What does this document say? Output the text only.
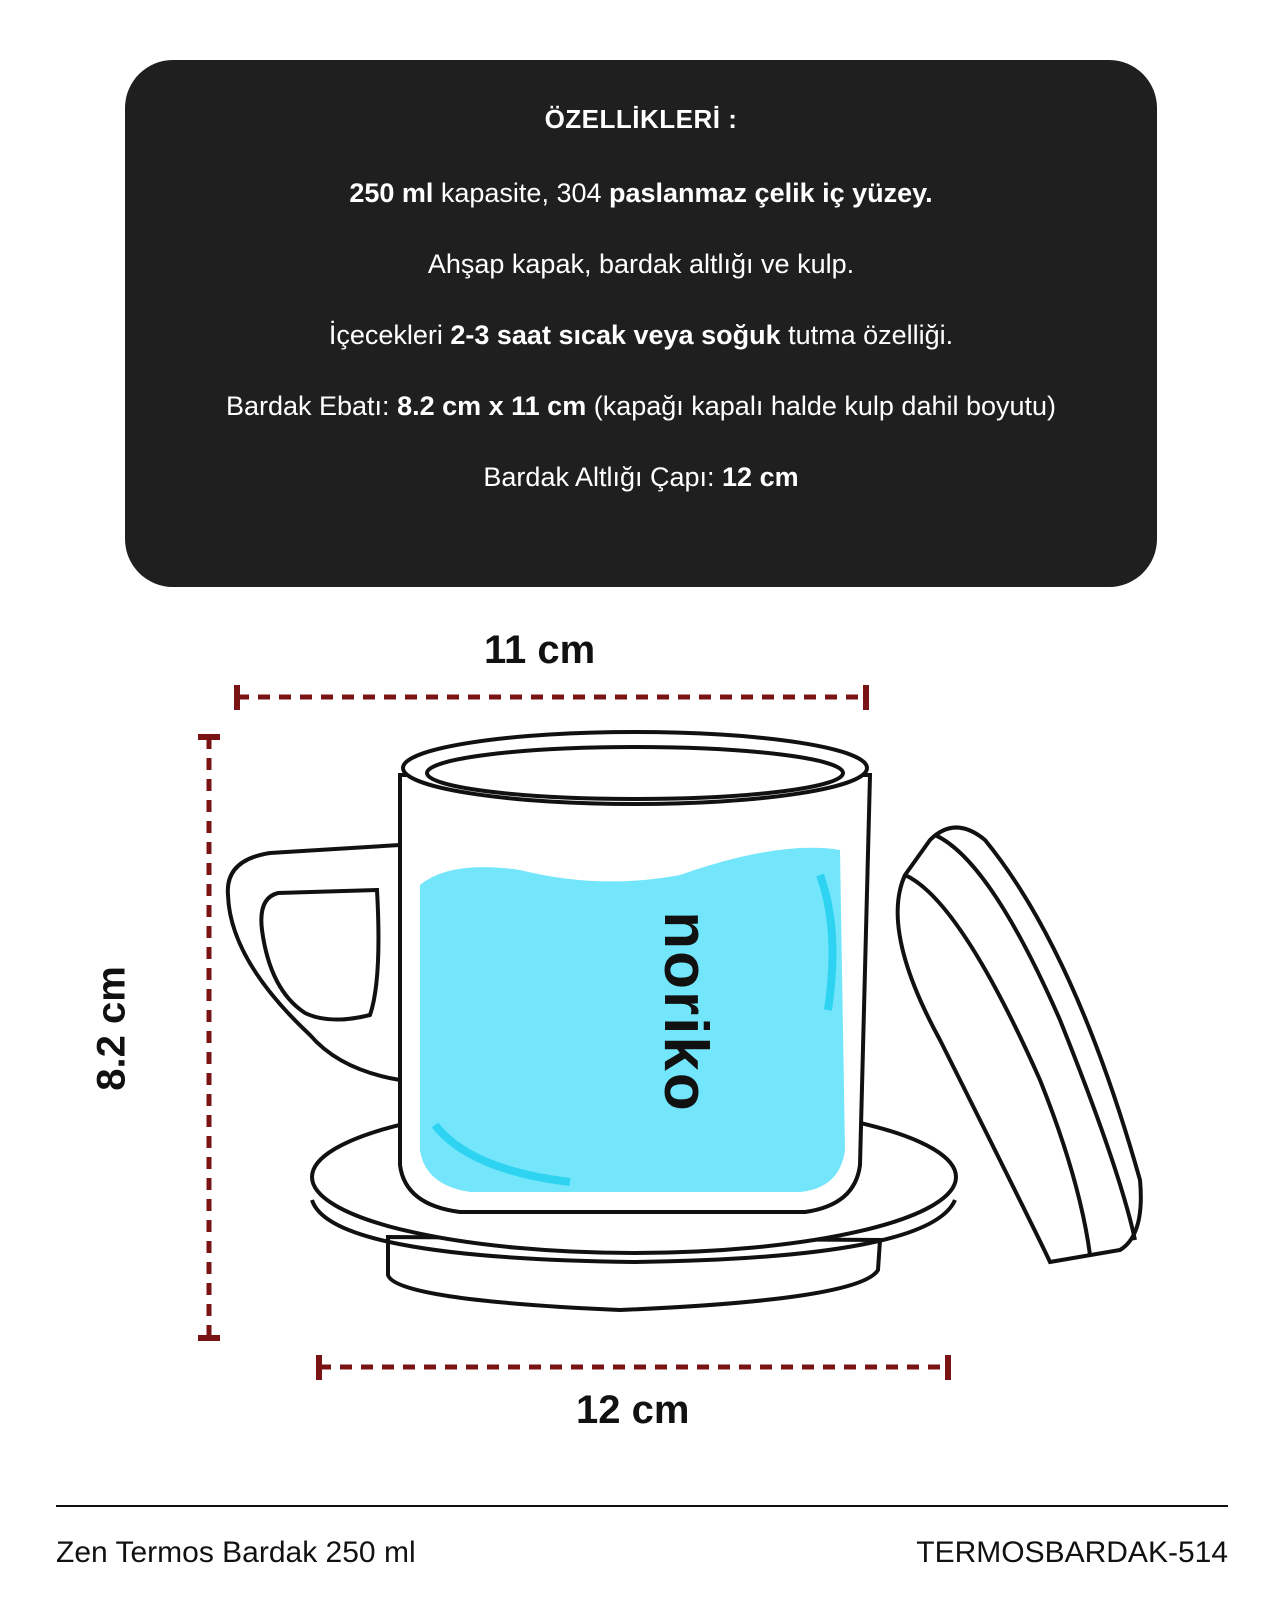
ÖZELLİKLERİ :

250 ml kapasite, 304 paslanmaz çelik iç yüzey.

Ahşap kapak, bardak altlığı ve kulp.

İçecekleri 2-3 saat sıcak veya soğuk tutma özelliği.

Bardak Ebatı: 8.2 cm x 11 cm (kapağı kapalı halde kulp dahil boyutu)

Bardak Altlığı Çapı: 12 cm

noriko
11 cm
8.2 cm
12 cm
Zen Termos Bardak 250 ml	TERMOSBARDAK-514
